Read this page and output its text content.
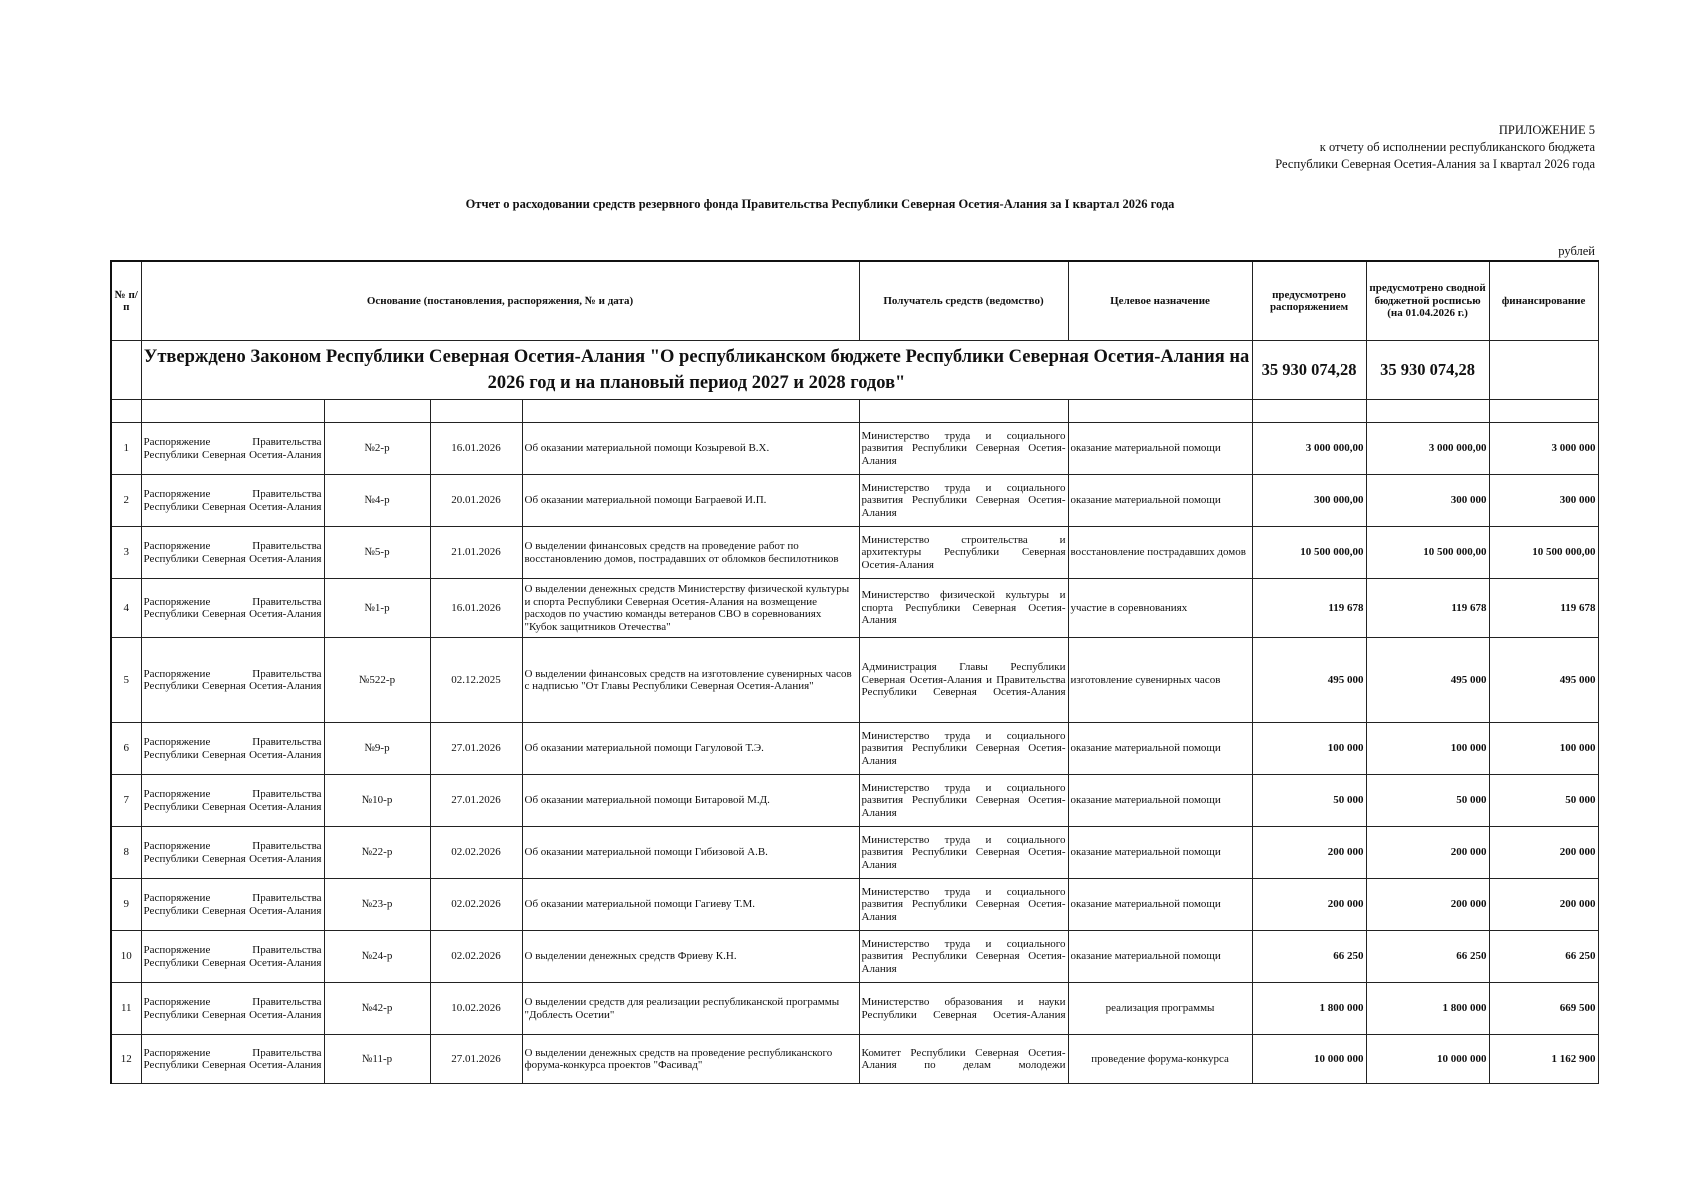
ПРИЛОЖЕНИЕ 5
к отчету об исполнении республиканского бюджета
Республики Северная Осетия-Алания за I квартал 2026 года
Отчет о расходовании средств резервного фонда Правительства Республики Северная Осетия-Алания за I квартал 2026 года
рублей
№ п/п	Основание (постановления, распоряжения, № и дата)				Получатель средств (ведомство)	Целевое назначение	предусмотрено распоряжением	предусмотрено сводной бюджетной росписью (на 01.04.2026 г.)	финансирование
	Утверждено Законом Республики Северная Осетия-Алания "О республиканском бюджете Республики Северная Осетия-Алания на 2026 год и на плановый период 2027 и 2028 годов"						35 930 074,28	35 930 074,28	

1	Распоряжение Правительства Республики Северная Осетия-Алания	№2-р	16.01.2026	Об оказании материальной помощи Козыревой В.Х.	Министерство труда и социального развития Республики Северная Осетия-Алания	оказание материальной помощи	3 000 000,00	3 000 000,00	3 000 000
2	Распоряжение Правительства Республики Северная Осетия-Алания	№4-р	20.01.2026	Об оказании материальной помощи Баграевой И.П.	Министерство труда и социального развития Республики Северная Осетия-Алания	оказание материальной помощи	300 000,00	300 000	300 000
3	Распоряжение Правительства Республики Северная Осетия-Алания	№5-р	21.01.2026	О выделении финансовых средств на проведение работ по восстановлению домов, пострадавших от обломков беспилотников	Министерство строительства и архитектуры Республики Северная Осетия-Алания	восстановление пострадавших домов	10 500 000,00	10 500 000,00	10 500 000,00
4	Распоряжение Правительства Республики Северная Осетия-Алания	№1-р	16.01.2026	О выделении денежных средств Министерству физической культуры и спорта Республики Северная Осетия-Алания на возмещение расходов по участию команды ветеранов СВО в соревнованиях "Кубок защитников Отечества"	Министерство физической культуры и спорта Республики Северная Осетия-Алания	участие в соревнованиях	119 678	119 678	119 678
5	Распоряжение Правительства Республики Северная Осетия-Алания	№522-р	02.12.2025	О выделении финансовых средств на изготовление сувенирных часов с надписью "От Главы Республики Северная Осетия-Алания"	Администрация Главы Республики Северная Осетия-Алания и Правительства Республики Северная Осетия-Алания	изготовление сувенирных часов	495 000	495 000	495 000
6	Распоряжение Правительства Республики Северная Осетия-Алания	№9-р	27.01.2026	Об оказании материальной помощи Гагуловой Т.Э.	Министерство труда и социального развития Республики Северная Осетия-Алания	оказание материальной помощи	100 000	100 000	100 000
7	Распоряжение Правительства Республики Северная Осетия-Алания	№10-р	27.01.2026	Об оказании материальной помощи Битаровой М.Д.	Министерство труда и социального развития Республики Северная Осетия-Алания	оказание материальной помощи	50 000	50 000	50 000
8	Распоряжение Правительства Республики Северная Осетия-Алания	№22-р	02.02.2026	Об оказании материальной помощи Гибизовой А.В.	Министерство труда и социального развития Республики Северная Осетия-Алания	оказание материальной помощи	200 000	200 000	200 000
9	Распоряжение Правительства Республики Северная Осетия-Алания	№23-р	02.02.2026	Об оказании материальной помощи Гагиеву Т.М.	Министерство труда и социального развития Республики Северная Осетия-Алания	оказание материальной помощи	200 000	200 000	200 000
10	Распоряжение Правительства Республики Северная Осетия-Алания	№24-р	02.02.2026	О выделении денежных средств Фриеву К.Н.	Министерство труда и социального развития Республики Северная Осетия-Алания	оказание материальной помощи	66 250	66 250	66 250
11	Распоряжение Правительства Республики Северная Осетия-Алания	№42-р	10.02.2026	О выделении средств для реализации республиканской программы "Доблесть Осетии"	Министерство образования и науки Республики Северная Осетия-Алания	реализация программы	1 800 000	1 800 000	669 500
12	Распоряжение Правительства Республики Северная Осетия-Алания	№11-р	27.01.2026	О выделении денежных средств на проведение республиканского форума-конкурса проектов "Фасивад"	Комитет Республики Северная Осетия-Алания по делам молодежи	проведение форума-конкурса	10 000 000	10 000 000	1 162 900
